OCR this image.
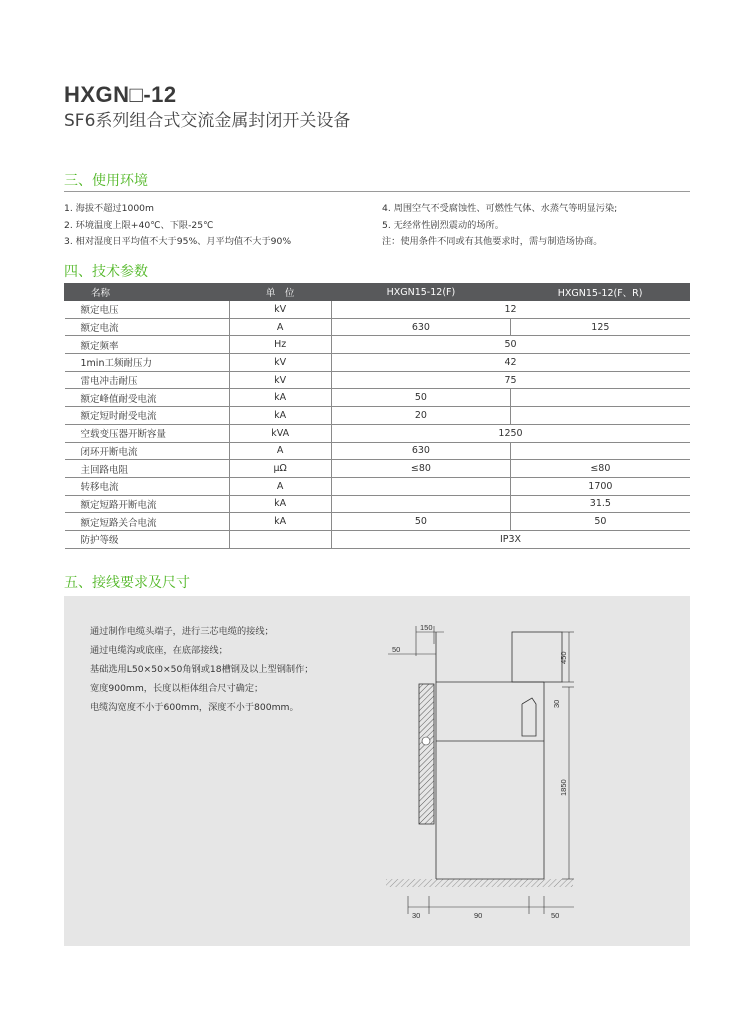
HXGN□-12
SF6系列组合式交流金属封闭开关设备
三、使用环境
1. 海拔不超过1000m
2. 环境温度上限+40℃、下限-25℃
3. 相对湿度日平均值不大于95%、月平均值不大于90%
4. 周围空气不受腐蚀性、可燃性气体、水蒸气等明显污染;
5. 无经常性剧烈震动的场所。
注：使用条件不同或有其他要求时，需与制造场协商。
四、技术参数
名称	单　位	HXGN15-12(F)	HXGN15-12(F、R)
额定电压	kV	12	
额定电流	A	630	125
额定频率	Hz	50	
1min工频耐压力	kV	42	
雷电冲击耐压	kV	75	
额定峰值耐受电流	kA	50	
额定短时耐受电流	kA	20	
空载变压器开断容量	kVA	1250	
闭环开断电流	A	630	
主回路电阻	μΩ	≤80	≤80
转移电流	A		1700
额定短路开断电流	kA		31.5
额定短路关合电流	kA	50	50
防护等级		IP3X	
五、接线要求及尺寸
通过制作电缆头端子，进行三芯电缆的接线；
通过电缆沟或底座，在底部接线；
基础选用L50×50×50角钢或18槽钢及以上型钢制作；
宽度900mm，长度以柜体组合尺寸确定；
电缆沟宽度不小于600mm，深度不小于800mm。
150
50
450
30
1850
30	90	50
